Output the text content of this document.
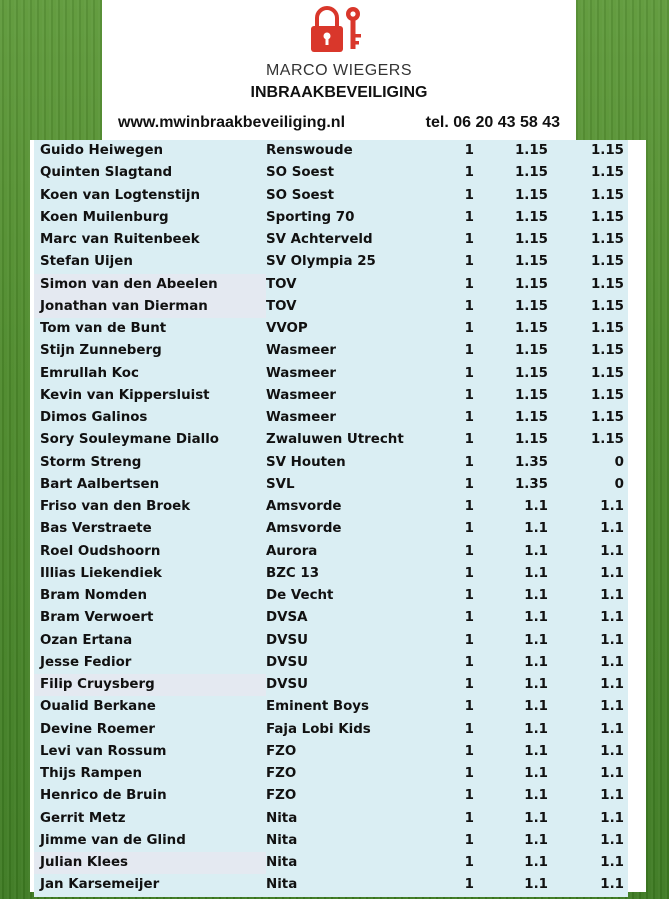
MARCO WIEGERS
INBRAAKBEVEILIGING
www.mwinbraakbeveiliging.nl	tel. 06 20 43 58 43
Guido Heiwegen	Renswoude	1	1.15	1.15
Quinten Slagtand	SO Soest	1	1.15	1.15
Koen van Logtenstijn	SO Soest	1	1.15	1.15
Koen Muilenburg	Sporting 70	1	1.15	1.15
Marc van Ruitenbeek	SV Achterveld	1	1.15	1.15
Stefan Uijen	SV Olympia 25	1	1.15	1.15
Simon van den Abeelen	TOV	1	1.15	1.15
Jonathan van Dierman	TOV	1	1.15	1.15
Tom van de Bunt	VVOP	1	1.15	1.15
Stijn Zunneberg	Wasmeer	1	1.15	1.15
Emrullah Koc	Wasmeer	1	1.15	1.15
Kevin van Kippersluist	Wasmeer	1	1.15	1.15
Dimos Galinos	Wasmeer	1	1.15	1.15
Sory Souleymane Diallo	Zwaluwen Utrecht	1	1.15	1.15
Storm Streng	SV Houten	1	1.35	0
Bart Aalbertsen	SVL	1	1.35	0
Friso van den Broek	Amsvorde	1	1.1	1.1
Bas Verstraete	Amsvorde	1	1.1	1.1
Roel Oudshoorn	Aurora	1	1.1	1.1
Illias Liekendiek	BZC 13	1	1.1	1.1
Bram Nomden	De Vecht	1	1.1	1.1
Bram Verwoert	DVSA	1	1.1	1.1
Ozan Ertana	DVSU	1	1.1	1.1
Jesse Fedior	DVSU	1	1.1	1.1
Filip Cruysberg	DVSU	1	1.1	1.1
Oualid Berkane	Eminent Boys	1	1.1	1.1
Devine Roemer	Faja Lobi Kids	1	1.1	1.1
Levi van Rossum	FZO	1	1.1	1.1
Thijs Rampen	FZO	1	1.1	1.1
Henrico de Bruin	FZO	1	1.1	1.1
Gerrit Metz	Nita	1	1.1	1.1
Jimme van de Glind	Nita	1	1.1	1.1
Julian Klees	Nita	1	1.1	1.1
Jan Karsemeijer	Nita	1	1.1	1.1
